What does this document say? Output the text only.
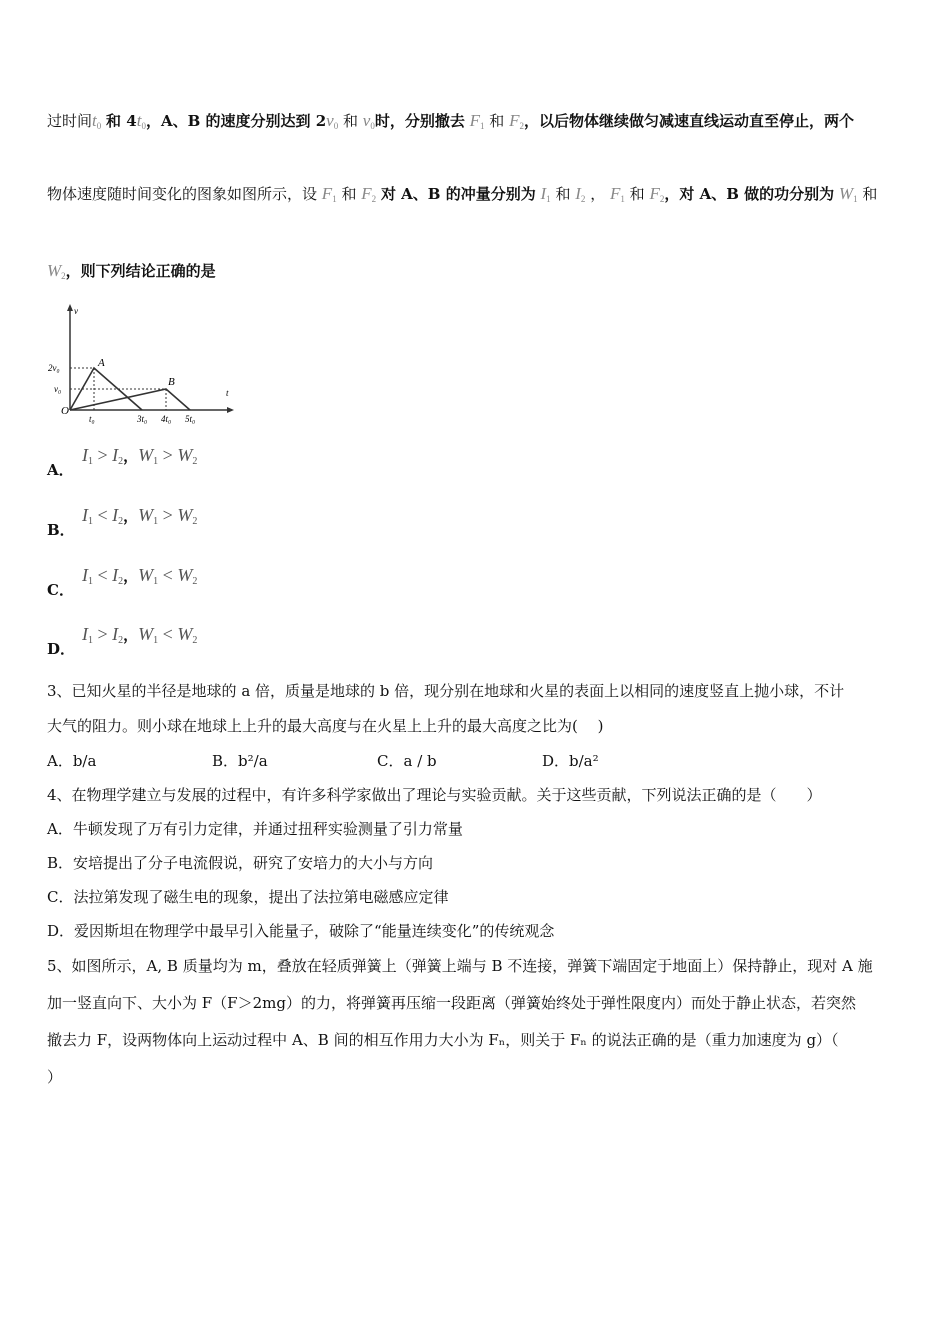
过时间$t_0$ 和 $4t_0$，A、B 的速度分别达到 $2v_0$ 和 $v_0$时，分别撤去 $F_1$ 和 $F_2$，以后物体继续做匀减速直线运动直至停止，两个
物体速度随时间变化的图象如图所示，设 $F_1$ 和 $F_2$ 对 A、B 的冲量分别为 $I_1$ 和 $I_2$ ， $F_1$ 和 $F_2$，对 A、B 做的功分别为 $W_1$ 和
$W_2$，则下列结论正确的是
v
t
O
2v₀
v₀
t₀	3t₀ 4t₀ 5t₀
A
B
A．
$I_1 > I_2$，$W_1 > W_2$
B．
$I_1 < I_2$，$W_1 > W_2$
C．
$I_1 < I_2$，$W_1 < W_2$
D．
$I_1 > I_2$，$W_1 < W_2$
3、已知火星的半径是地球的 a 倍，质量是地球的 b 倍，现分别在地球和火星的表面上以相同的速度竖直上抛小球，不计
大气的阻力。则小球在地球上上升的最大高度与在火星上上升的最大高度之比为(　 )
A．b/a	B．b²/a	C．a / b	D．b/a²
4、在物理学建立与发展的过程中，有许多科学家做出了理论与实验贡献。关于这些贡献，下列说法正确的是（　　）
A．牛顿发现了万有引力定律，并通过扭秤实验测量了引力常量
B．安培提出了分子电流假说，研究了安培力的大小与方向
C．法拉第发现了磁生电的现象，提出了法拉第电磁感应定律
D．爱因斯坦在物理学中最早引入能量子，破除了“能量连续变化”的传统观念
5、如图所示，A, B 质量均为 m，叠放在轻质弹簧上（弹簧上端与 B 不连接，弹簧下端固定于地面上）保持静止，现对 A 施
加一竖直向下、大小为 F（F＞2mg）的力，将弹簧再压缩一段距离（弹簧始终处于弹性限度内）而处于静止状态，若突然
撤去力 F，设两物体向上运动过程中 A、B 间的相互作用力大小为 Fₙ，则关于 Fₙ 的说法正确的是（重力加速度为 g）（
）
